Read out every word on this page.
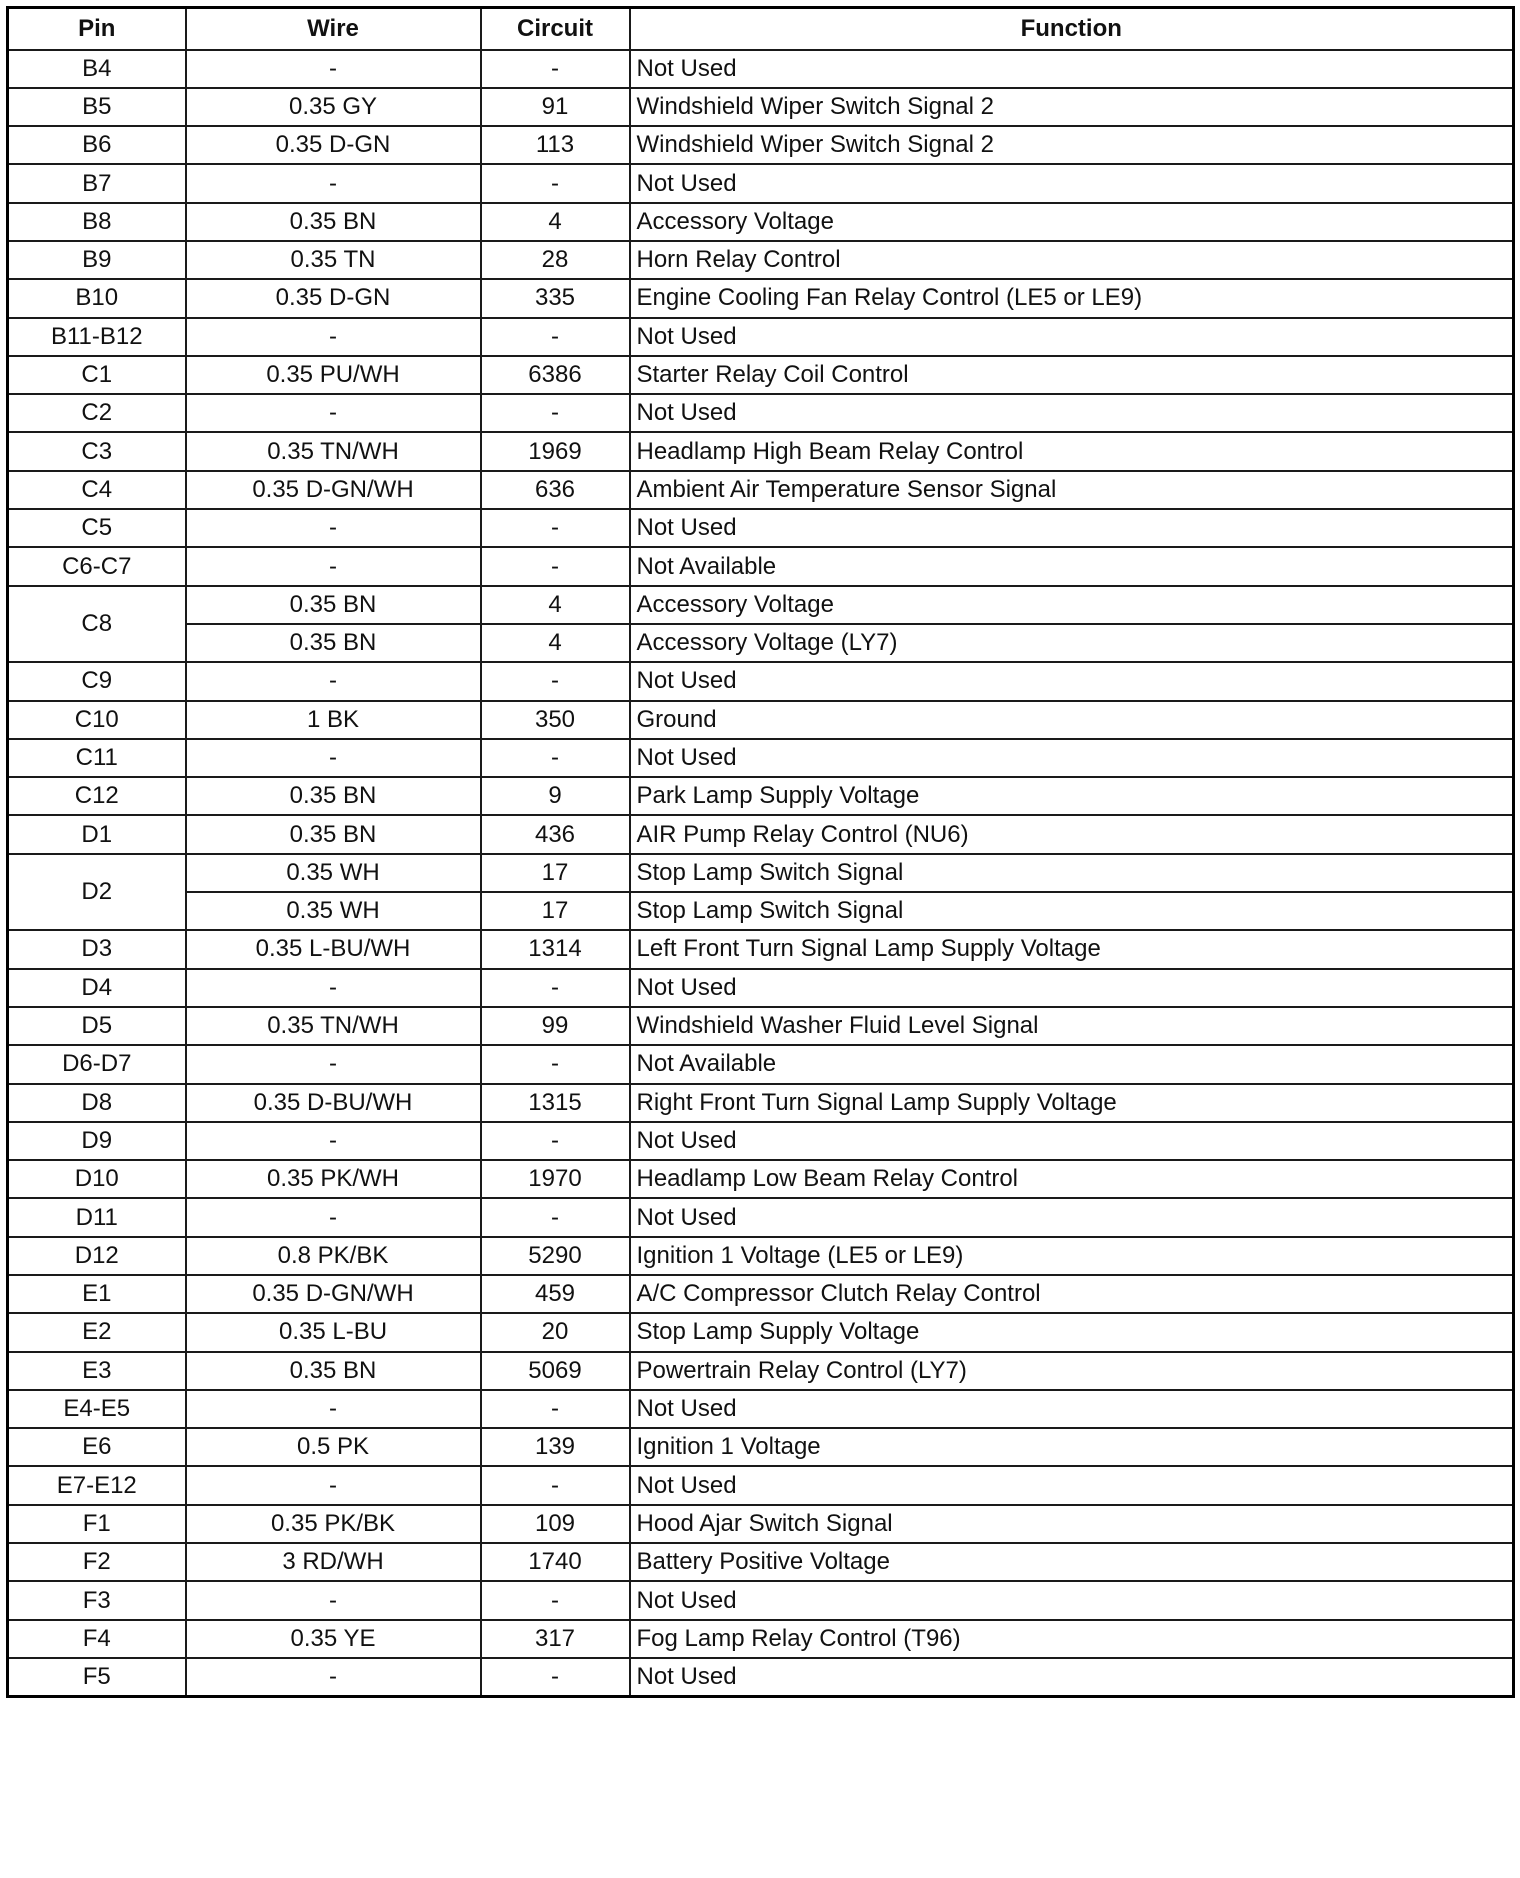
Pin	Wire	Circuit	Function
B4	-	-	Not Used
B5	0.35 GY	91	Windshield Wiper Switch Signal 2
B6	0.35 D-GN	113	Windshield Wiper Switch Signal 2
B7	-	-	Not Used
B8	0.35 BN	4	Accessory Voltage
B9	0.35 TN	28	Horn Relay Control
B10	0.35 D-GN	335	Engine Cooling Fan Relay Control (LE5 or LE9)
B11-B12	-	-	Not Used
C1	0.35 PU/WH	6386	Starter Relay Coil Control
C2	-	-	Not Used
C3	0.35 TN/WH	1969	Headlamp High Beam Relay Control
C4	0.35 D-GN/WH	636	Ambient Air Temperature Sensor Signal
C5	-	-	Not Used
C6-C7	-	-	Not Available
C8	0.35 BN	4	Accessory Voltage
	0.35 BN	4	Accessory Voltage (LY7)
C9	-	-	Not Used
C10	1 BK	350	Ground
C11	-	-	Not Used
C12	0.35 BN	9	Park Lamp Supply Voltage
D1	0.35 BN	436	AIR Pump Relay Control (NU6)
D2	0.35 WH	17	Stop Lamp Switch Signal
	0.35 WH	17	Stop Lamp Switch Signal
D3	0.35 L-BU/WH	1314	Left Front Turn Signal Lamp Supply Voltage
D4	-	-	Not Used
D5	0.35 TN/WH	99	Windshield Washer Fluid Level Signal
D6-D7	-	-	Not Available
D8	0.35 D-BU/WH	1315	Right Front Turn Signal Lamp Supply Voltage
D9	-	-	Not Used
D10	0.35 PK/WH	1970	Headlamp Low Beam Relay Control
D11	-	-	Not Used
D12	0.8 PK/BK	5290	Ignition 1 Voltage (LE5 or LE9)
E1	0.35 D-GN/WH	459	A/C Compressor Clutch Relay Control
E2	0.35 L-BU	20	Stop Lamp Supply Voltage
E3	0.35 BN	5069	Powertrain Relay Control (LY7)
E4-E5	-	-	Not Used
E6	0.5 PK	139	Ignition 1 Voltage
E7-E12	-	-	Not Used
F1	0.35 PK/BK	109	Hood Ajar Switch Signal
F2	3 RD/WH	1740	Battery Positive Voltage
F3	-	-	Not Used
F4	0.35 YE	317	Fog Lamp Relay Control (T96)
F5	-	-	Not Used
